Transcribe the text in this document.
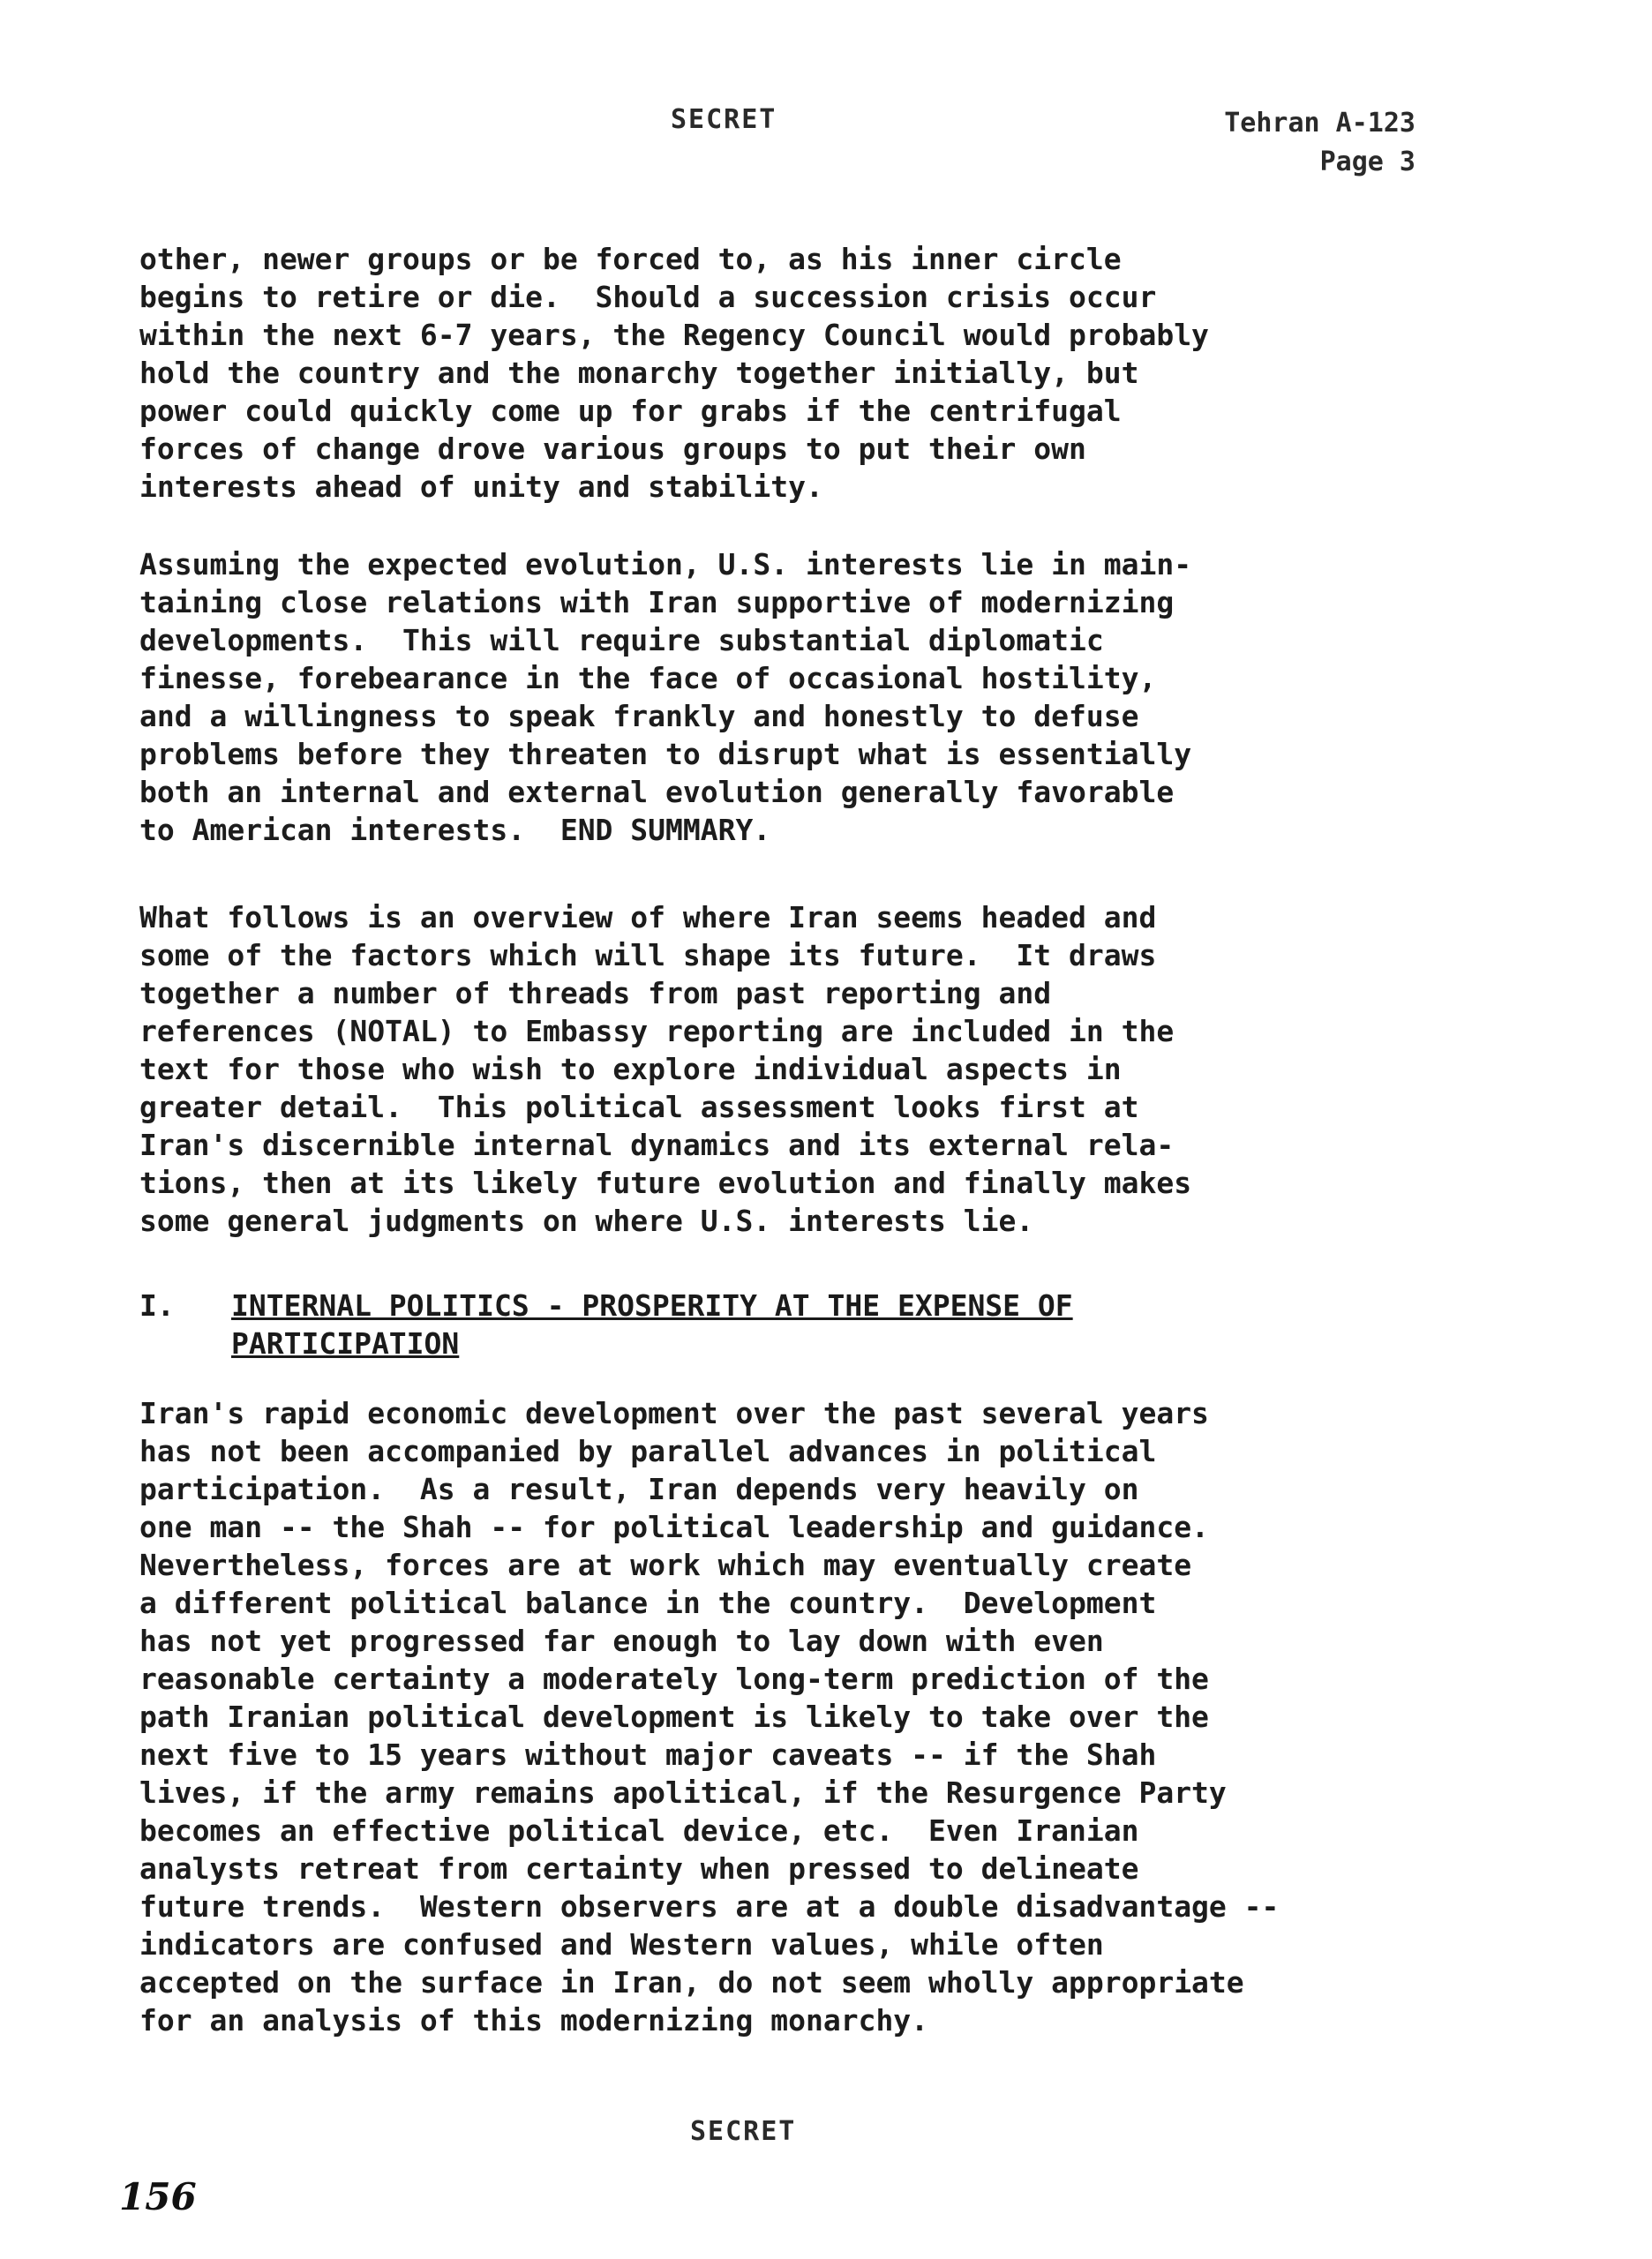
SECRET	Tehran A-123
Page 3
other, newer groups or be forced to, as his inner circle
begins to retire or die.  Should a succession crisis occur
within the next 6-7 years, the Regency Council would probably
hold the country and the monarchy together initially, but
power could quickly come up for grabs if the centrifugal
forces of change drove various groups to put their own
interests ahead of unity and stability.
Assuming the expected evolution, U.S. interests lie in main-
taining close relations with Iran supportive of modernizing
developments.  This will require substantial diplomatic
finesse, forebearance in the face of occasional hostility,
and a willingness to speak frankly and honestly to defuse
problems before they threaten to disrupt what is essentially
both an internal and external evolution generally favorable
to American interests.  END SUMMARY.
What follows is an overview of where Iran seems headed and
some of the factors which will shape its future.  It draws
together a number of threads from past reporting and
references (NOTAL) to Embassy reporting are included in the
text for those who wish to explore individual aspects in
greater detail.  This political assessment looks first at
Iran's discernible internal dynamics and its external rela-
tions, then at its likely future evolution and finally makes
some general judgments on where U.S. interests lie.
I. INTERNAL POLITICS - PROSPERITY AT THE EXPENSE OF
PARTICIPATION
Iran's rapid economic development over the past several years
has not been accompanied by parallel advances in political
participation.  As a result, Iran depends very heavily on
one man -- the Shah -- for political leadership and guidance.
Nevertheless, forces are at work which may eventually create
a different political balance in the country.  Development
has not yet progressed far enough to lay down with even
reasonable certainty a moderately long-term prediction of the
path Iranian political development is likely to take over the
next five to 15 years without major caveats -- if the Shah
lives, if the army remains apolitical, if the Resurgence Party
becomes an effective political device, etc.  Even Iranian
analysts retreat from certainty when pressed to delineate
future trends.  Western observers are at a double disadvantage --
indicators are confused and Western values, while often
accepted on the surface in Iran, do not seem wholly appropriate
for an analysis of this modernizing monarchy.
SECRET
156
